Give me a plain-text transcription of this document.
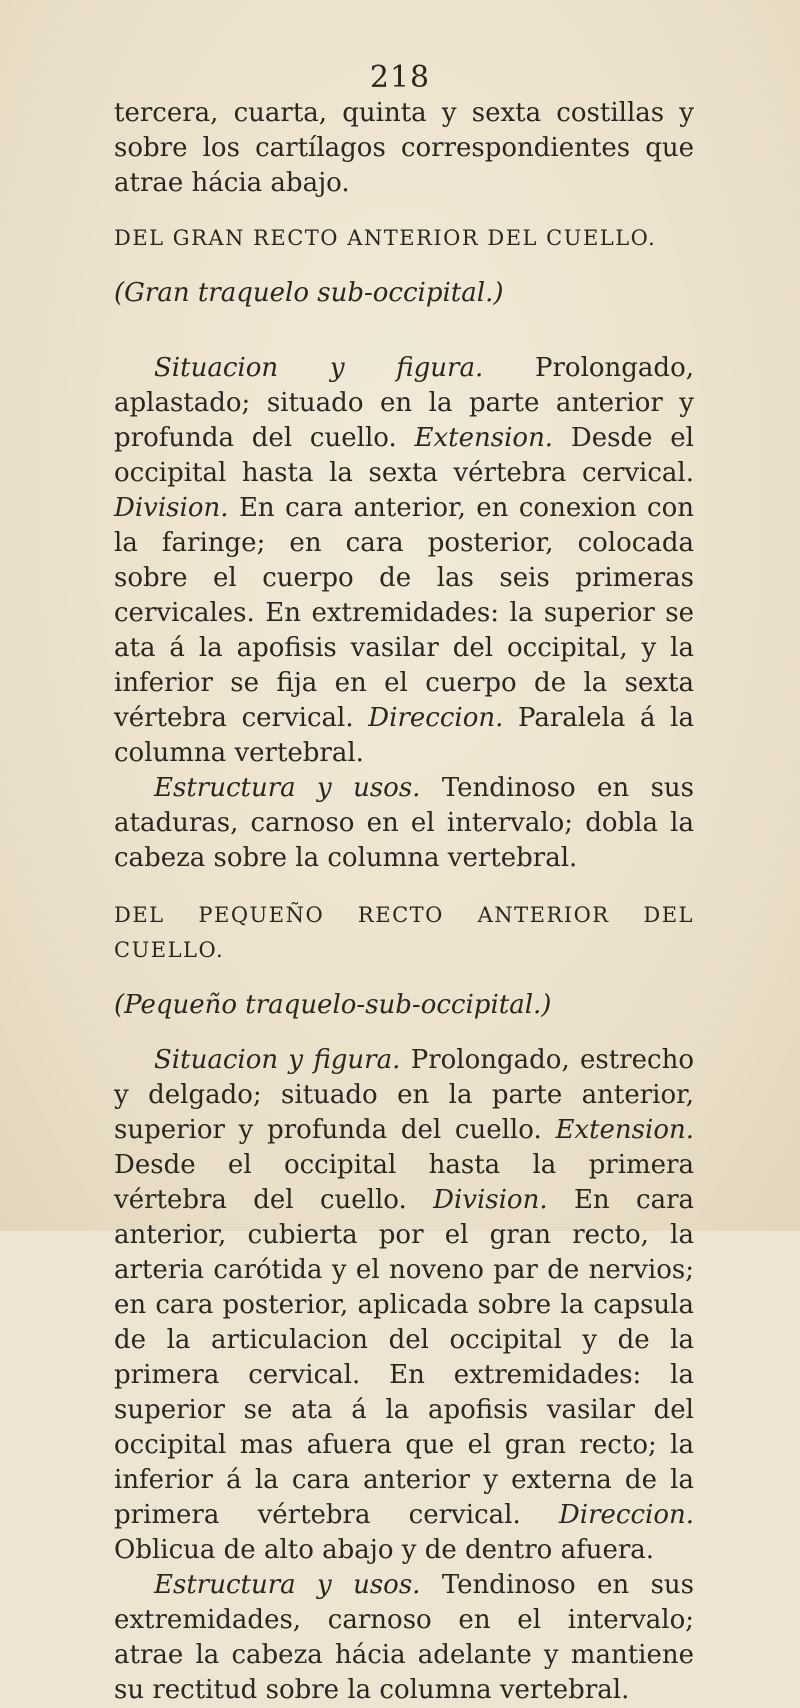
218

tercera, cuarta, quinta y sexta costillas y sobre los cartílagos correspondientes que atrae hácia abajo.

DEL GRAN RECTO ANTERIOR DEL CUELLO.

(Gran traquelo sub-occipital.)

Situacion y figura. Prolongado, aplastado; situado en la parte anterior y profunda del cuello. Extension. Desde el occipital hasta la sexta vértebra cervical. Division. En cara anterior, en conexion con la faringe; en cara posterior, colocada sobre el cuerpo de las seis primeras cervicales. En extremidades: la superior se ata á la apofisis vasilar del occipital, y la inferior se fija en el cuerpo de la sexta vértebra cervical. Direccion. Paralela á la columna vertebral.

Estructura y usos. Tendinoso en sus ataduras, carnoso en el intervalo; dobla la cabeza sobre la columna vertebral.

DEL PEQUEÑO RECTO ANTERIOR DEL CUELLO.

(Pequeño traquelo-sub-occipital.)

Situacion y figura. Prolongado, estrecho y delgado; situado en la parte anterior, superior y profunda del cuello. Extension. Desde el occipital hasta la primera vértebra del cuello. Division. En cara anterior, cubierta por el gran recto, la arteria carótida y el noveno par de nervios; en cara posterior, aplicada sobre la capsula de la articulacion del occipital y de la primera cervical. En extremidades: la superior se ata á la apofisis vasilar del occipital mas afuera que el gran recto; la inferior á la cara anterior y externa de la primera vértebra cervical. Direccion. Oblicua de alto abajo y de dentro afuera.

Estructura y usos. Tendinoso en sus extremidades, carnoso en el intervalo; atrae la cabeza hácia adelante y mantiene su rectitud sobre la columna vertebral.
